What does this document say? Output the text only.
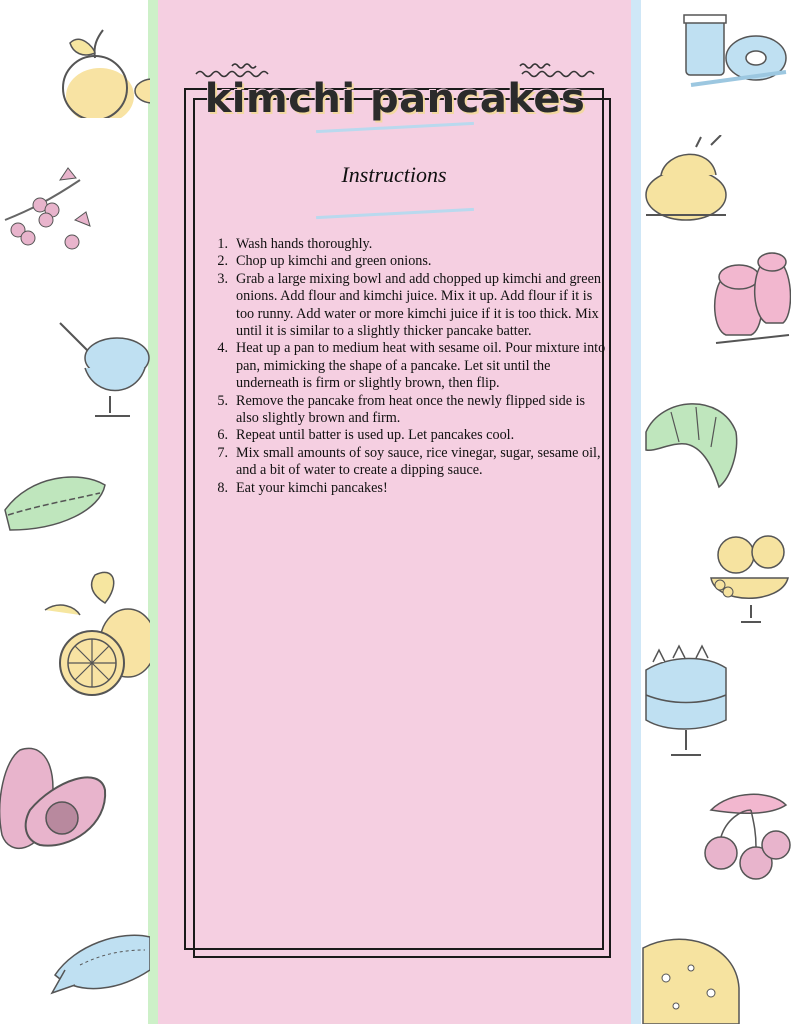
kimchi pancakes

Instructions

1. Wash hands thoroughly.
2. Chop up kimchi and green onions.
3. Grab a large mixing bowl and add chopped up kimchi and green onions. Add flour and kimchi juice. Mix it up. Add flour if it is too runny. Add water or more kimchi juice if it is too thick. Mix until it is similar to a slightly thicker pancake batter.
4. Heat up a pan to medium heat with sesame oil. Pour mixture into pan, mimicking the shape of a pancake. Let sit until the underneath is firm or slightly brown, then flip.
5. Remove the pancake from heat once the newly flipped side is also slightly brown and firm.
6. Repeat until batter is used up. Let pancakes cool.
7. Mix small amounts of soy sauce, rice vinegar, sugar, sesame oil, and a bit of water to create a dipping sauce.
8. Eat your kimchi pancakes!
